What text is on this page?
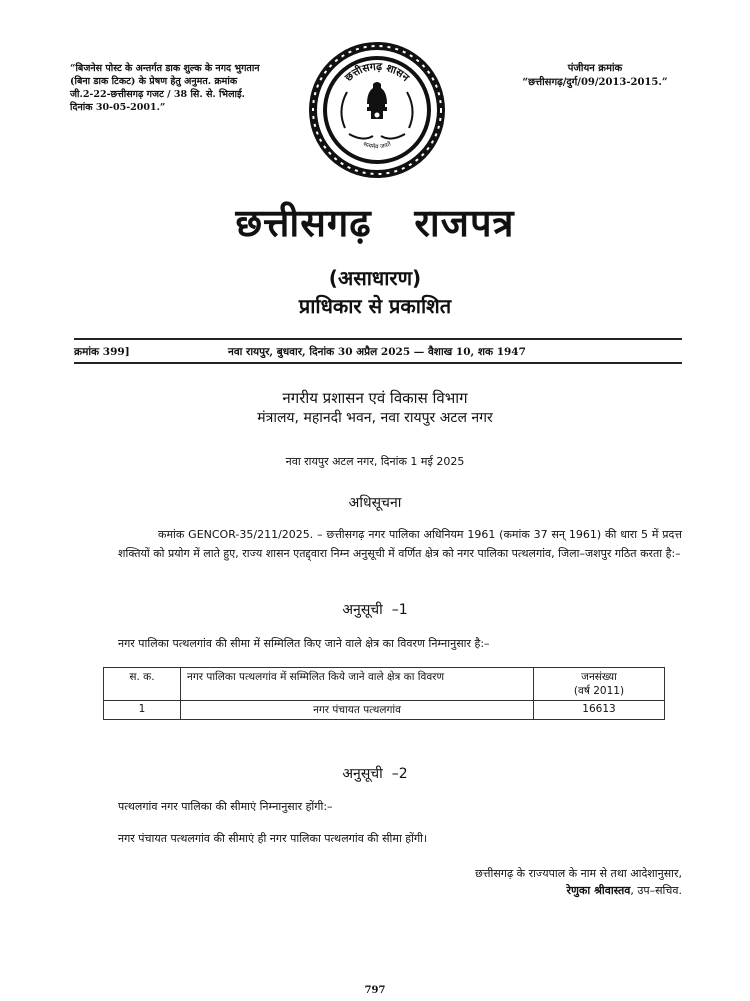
“बिजनेस पोस्ट के अन्तर्गत डाक शुल्क के नगद भुगतान (बिना डाक टिकट) के प्रेषण हेतु अनुमत. क्रमांक जी.2-22-छत्तीसगढ़ गजट / 38 सि. से. भिलाई. दिनांक 30-05-2001.”
पंजीयन क्रमांक
“छत्तीसगढ़/दुर्ग/09/2013-2015.”
छत्तीसगढ़ शासन
सत्यमेव जयते
छत्तीसगढ़   राजपत्र
(असाधारण)
प्राधिकार से प्रकाशित
क्रमांक 399]	नवा रायपुर, बुधवार, दिनांक 30 अप्रैल 2025 — वैशाख 10, शक 1947
नगरीय प्रशासन एवं विकास विभाग
मंत्रालय, महानदी भवन, नवा रायपुर अटल नगर
नवा रायपुर अटल नगर, दिनांक 1 मई 2025
अधिसूचना

कमांक GENCOR-35/211/2025. – छत्तीसगढ़ नगर पालिका अधिनियम 1961 (कमांक 37 सन् 1961) की धारा 5 में प्रदत्त शक्तियों को प्रयोग में लाते हुए, राज्य शासन एतद्द्वारा निम्न अनुसूची में वर्णित क्षेत्र को नगर पालिका पत्थलगांव, जिला–जशपुर गठित करता है:–

अनुसूची  –1
नगर पालिका पत्थलगांव की सीमा में सम्मिलित किए जाने वाले क्षेत्र का विवरण निम्नानुसार है:–
स. क.	नगर पालिका पत्थलगांव में सम्मिलित किये जाने वाले क्षेत्र का विवरण	जनसंख्या
(वर्ष 2011)

1	नगर पंचायत पत्थलगांव	16613
अनुसूची  –2
पत्थलगांव नगर पालिका की सीमाएं निम्नानुसार होंगी:–
नगर पंचायत पत्थलगांव की सीमाएं ही नगर पालिका पत्थलगांव की सीमा होंगी।
छत्तीसगढ़ के राज्यपाल के नाम से तथा आदेशानुसार,
रेणुका श्रीवास्तव, उप–सचिव.
797
